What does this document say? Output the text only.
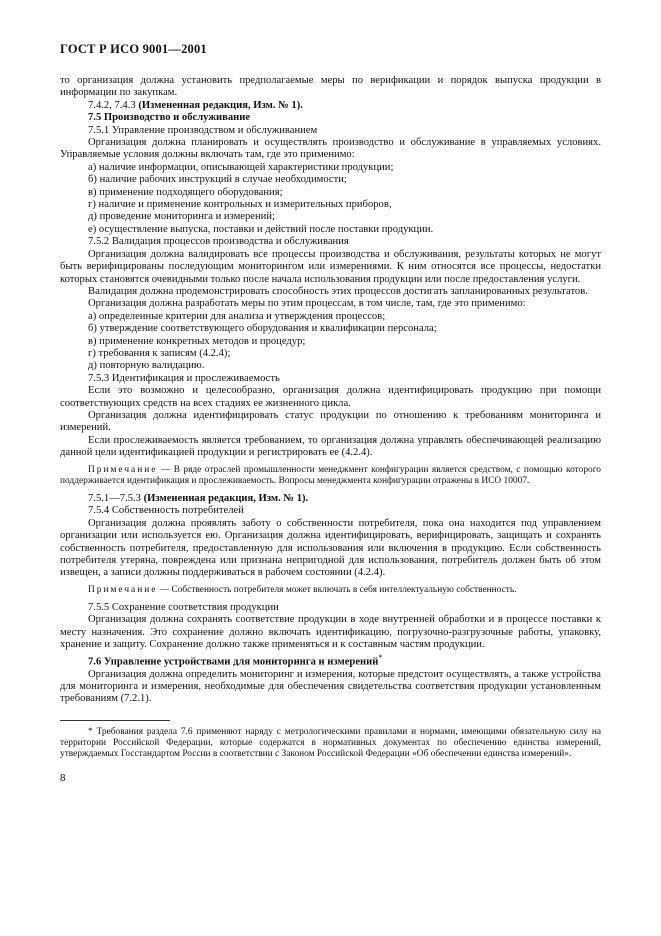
ГОСТ Р ИСО 9001—2001

то организация должна установить предполагаемые меры по верификации и порядок выпуска продукции в информации по закупкам.

7.4.2, 7.4.3 (Измененная редакция, Изм. № 1).

7.5 Производство и обслуживание

7.5.1 Управление производством и обслуживанием

Организация должна планировать и осуществлять производство и обслуживание в управляемых условиях. Управляемые условия должны включать там, где это применимо:

а) наличие информации, описывающей характеристики продукции;

б) наличие рабочих инструкций в случае необходимости;

в) применение подходящего оборудования;

г) наличие и применение контрольных и измерительных приборов,

д) проведение мониторинга и измерений;

е) осуществление выпуска, поставки и действий после поставки продукции.

7.5.2 Валидация процессов производства и обслуживания

Организация должна валидировать все процессы производства и обслуживания, результаты которых не могут быть верифицированы последующим мониторингом или измерениями. К ним относятся все процессы, недостатки которых становятся очевидными только после начала использования продукции или после предоставления услуги.

Валидация должна продемонстрировать способность этих процессов достигать запланированных результатов.

Организация должна разработать меры по этим процессам, в том числе, там, где это применимо:

а) определенные критерии для анализа и утверждения процессов;

б) утверждение соответствующего оборудования и квалификации персонала;

в) применение конкретных методов и процедур;

г) требования к записям (4.2.4);

д) повторную валидацию.

7.5.3 Идентификация и прослеживаемость

Если это возможно и целесообразно, организация должна идентифицировать продукцию при помощи соответствующих средств на всех стадиях ее жизненного цикла.

Организация должна идентифицировать статус продукции по отношению к требованиям мониторинга и измерений.

Если прослеживаемость является требованием, то организация должна управлять обеспечивающей реализацию данной цели идентификацией продукции и регистрировать ее (4.2.4).

Примечание — В ряде отраслей промышленности менеджмент конфигурации является средством, с помощью которого поддерживается идентификация и прослеживаемость. Вопросы менеджмента конфигурации отражены в ИСО 10007.

7.5.1—7.5.3 (Измененная редакция, Изм. № 1).

7.5.4 Собственность потребителей

Организация должна проявлять заботу о собственности потребителя, пока она находится под управлением организации или используется ею. Организация должна идентифицировать, верифицировать, защищать и сохранять собственность потребителя, предоставленную для использования или включения в продукцию. Если собственность потребителя утеряна, повреждена или признана непригодной для использования, потребитель должен быть об этом извещен, а записи должны поддерживаться в рабочем состоянии (4.2.4).

Примечание — Собственность потребителя может включать в себя интеллектуальную собственность.

7.5.5 Сохранение соответствия продукции

Организация должна сохранять соответствие продукции в ходе внутренней обработки и в процессе поставки к месту назначения. Это сохранение должно включать идентификацию, погрузочно-разгрузочные работы, упаковку, хранение и защиту. Сохранение должно также применяться и к составным частям продукции.

7.6 Управление устройствами для мониторинга и измерений*

Организация должна определить мониторинг и измерения, которые предстоит осуществлять, а также устройства для мониторинга и измерения, необходимые для обеспечения свидетельства соответствия продукции установленным требованиям (7.2.1).

* Требования раздела 7.6 применяют наряду с метрологическими правилами и нормами, имеющими обязательную силу на территории Российской Федерации, которые содержатся в нормативных документах по обеспечению единства измерений, утверждаемых Госстандартом России в соответствии с Законом Российской Федерации «Об обеспечении единства измерений».

8
